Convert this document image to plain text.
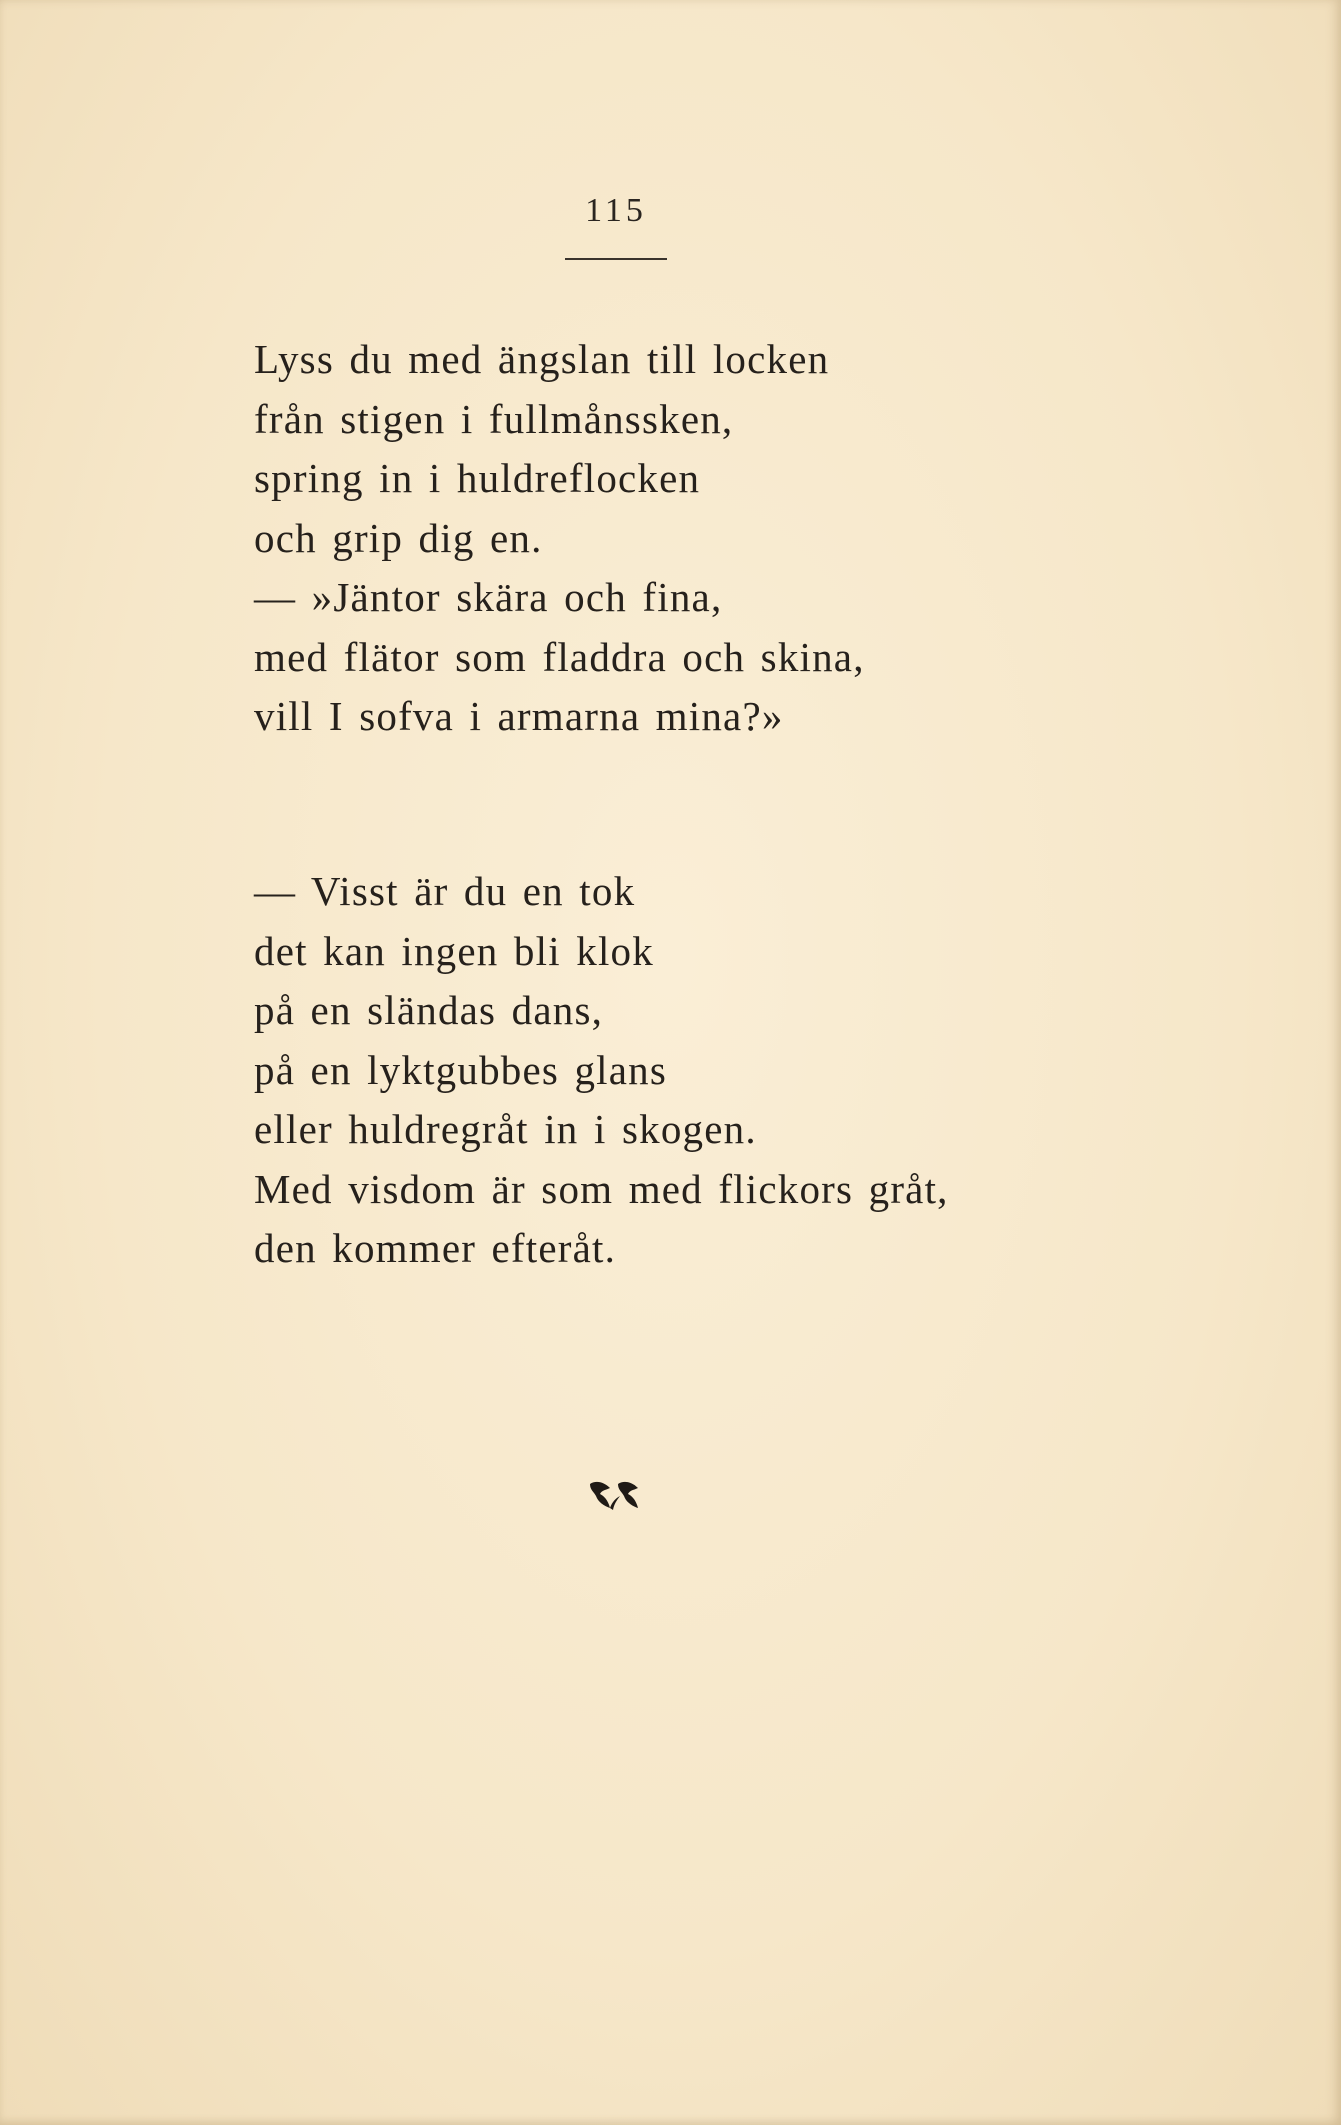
115
Lyss du med ängslan till locken
från stigen i fullmånssken,
spring in i huldreflocken
och grip dig en.
— »Jäntor skära och fina,
med flätor som fladdra och skina,
vill I sofva i armarna mina?»
— Visst är du en tok
det kan ingen bli klok
på en sländas dans,
på en lyktgubbes glans
eller huldregråt in i skogen.
Med visdom är som med flickors gråt,
den kommer efteråt.
